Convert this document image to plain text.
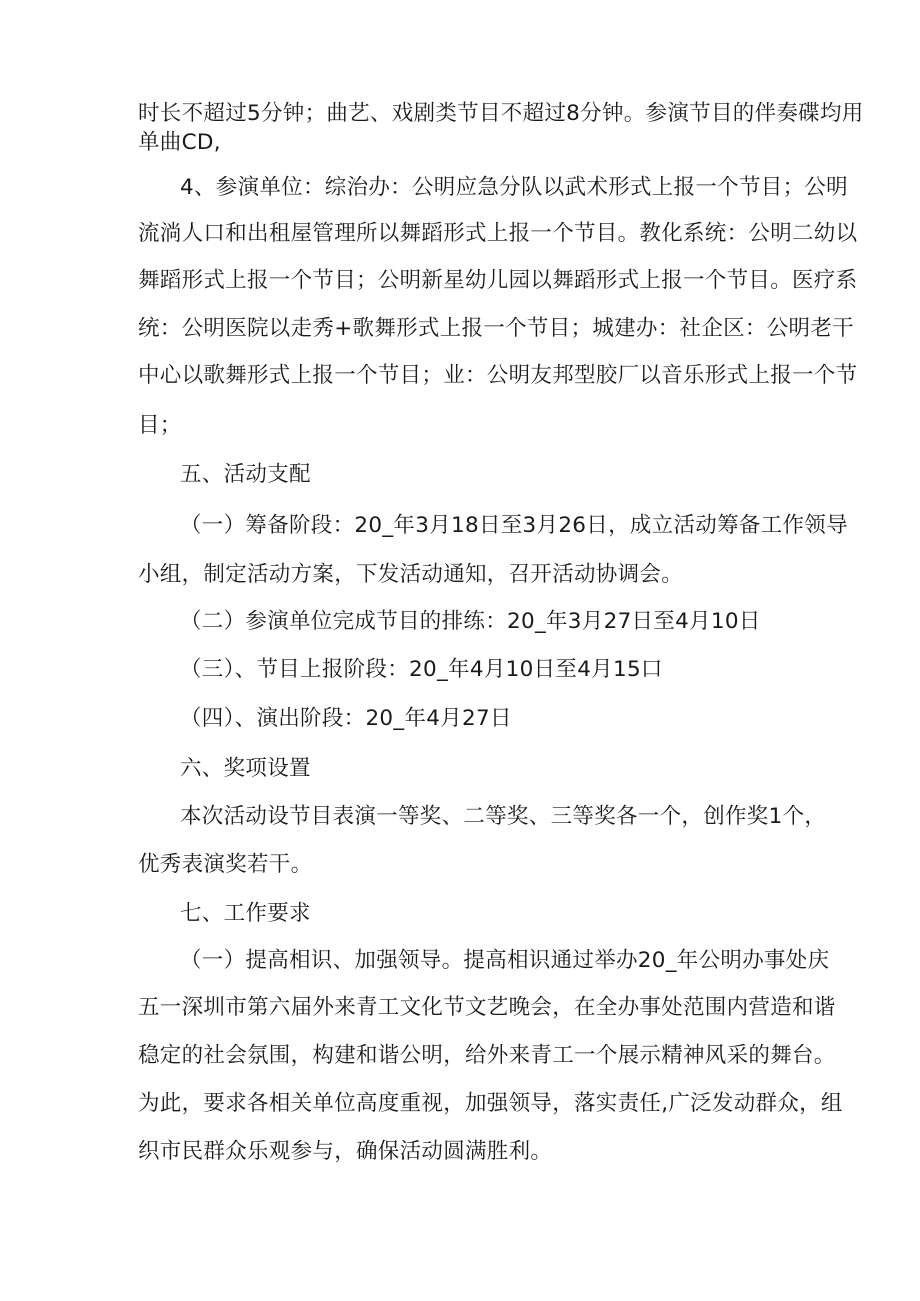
时长不超过5分钟；曲艺、戏剧类节目不超过8分钟。参演节目的伴奏碟均用
单曲CD,
4、参演单位：综治办：公明应急分队以武术形式上报一个节目；公明
流淌人口和出租屋管理所以舞蹈形式上报一个节目。教化系统：公明二幼以
舞蹈形式上报一个节目；公明新星幼儿园以舞蹈形式上报一个节目。医疗系
统：公明医院以走秀+歌舞形式上报一个节目；城建办：社企区：公明老干
中心以歌舞形式上报一个节目；业：公明友邦型胶厂以音乐形式上报一个节
目；
五、活动支配
（一）筹备阶段：20_年3月18日至3月26日，成立活动筹备工作领导
小组，制定活动方案，下发活动通知，召开活动协调会。
（二）参演单位完成节目的排练：20_年3月27日至4月10日
（三）、节目上报阶段：20_年4月10日至4月15口
（四）、演出阶段：20_年4月27日
六、奖项设置
本次活动设节目表演一等奖、二等奖、三等奖各一个，创作奖1个，
优秀表演奖若干。
七、工作要求
（一）提高相识、加强领导。提高相识通过举办20_年公明办事处庆
五一深圳市第六届外来青工文化节文艺晚会，在全办事处范围内营造和谐
稳定的社会氛围，构建和谐公明，给外来青工一个展示精神风采的舞台。
为此，要求各相关单位高度重视，加强领导，落实责任,广泛发动群众，组
织市民群众乐观参与，确保活动圆满胜利。
